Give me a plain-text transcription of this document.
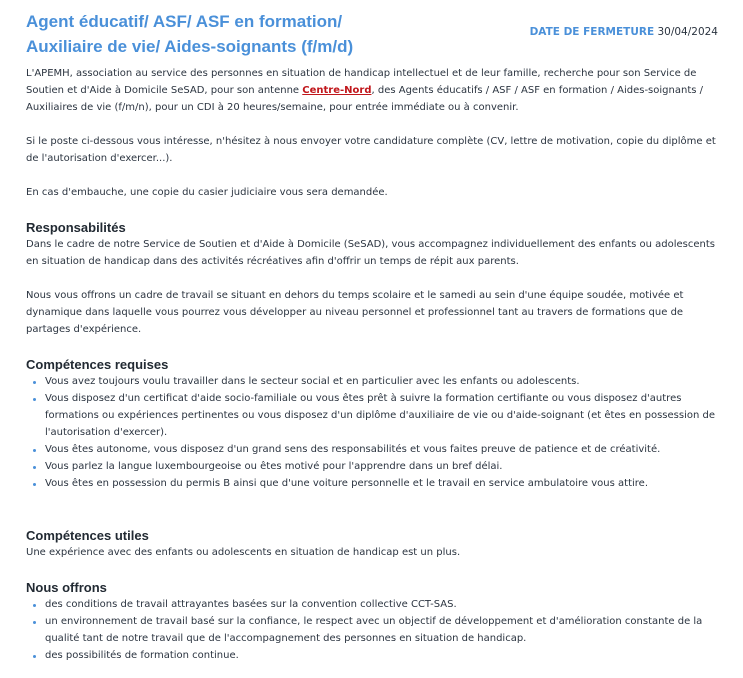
Agent éducatif/ ASF/ ASF en formation/
Auxiliaire de vie/ Aides-soignants (f/m/d)
DATE DE FERMETURE 30/04/2024

L'APEMH, association au service des personnes en situation de handicap intellectuel et de leur famille, recherche pour son Service de Soutien et d'Aide à Domicile SeSAD, pour son antenne Centre-Nord, des Agents éducatifs / ASF / ASF en formation / Aides-soignants / Auxiliaires de vie (f/m/n), pour un CDI à 20 heures/semaine, pour entrée immédiate ou à convenir.

Si le poste ci-dessous vous intéresse, n'hésitez à nous envoyer votre candidature complète (CV, lettre de motivation, copie du diplôme et de l'autorisation d'exercer...).

En cas d'embauche, une copie du casier judiciaire vous sera demandée.

Responsabilités

Dans le cadre de notre Service de Soutien et d'Aide à Domicile (SeSAD), vous accompagnez individuellement des enfants ou adolescents en situation de handicap dans des activités récréatives afin d'offrir un temps de répit aux parents.

Nous vous offrons un cadre de travail se situant en dehors du temps scolaire et le samedi au sein d'une équipe soudée, motivée et dynamique dans laquelle vous pourrez vous développer au niveau personnel et professionnel tant au travers de formations que de partages d'expérience.

Compétences requises
Vous avez toujours voulu travailler dans le secteur social et en particulier avec les enfants ou adolescents.
Vous disposez d'un certificat d'aide socio-familiale ou vous êtes prêt à suivre la formation certifiante ou vous disposez d'autres formations ou expériences pertinentes ou vous disposez d'un diplôme d'auxiliaire de vie ou d'aide-soignant (et êtes en possession de l'autorisation d'exercer).
Vous êtes autonome, vous disposez d'un grand sens des responsabilités et vous faites preuve de patience et de créativité.
Vous parlez la langue luxembourgeoise ou êtes motivé pour l'apprendre dans un bref délai.
Vous êtes en possession du permis B ainsi que d'une voiture personnelle et le travail en service ambulatoire vous attire.
Compétences utiles

Une expérience avec des enfants ou adolescents en situation de handicap est un plus.

Nous offrons
des conditions de travail attrayantes basées sur la convention collective CCT-SAS.
un environnement de travail basé sur la confiance, le respect avec un objectif de développement et d'amélioration constante de la qualité tant de notre travail que de l'accompagnement des personnes en situation de handicap.
des possibilités de formation continue.
